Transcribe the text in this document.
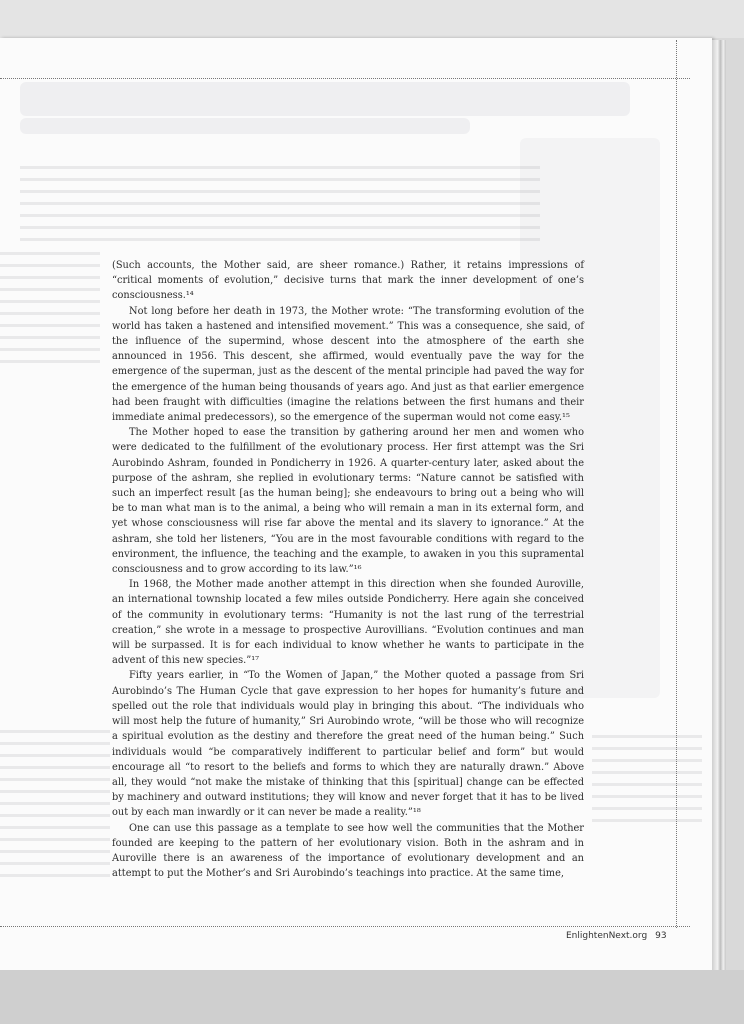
(Such accounts, the Mother said, are sheer romance.) Rather, it retains impressions of “critical moments of evolution,” decisive turns that mark the inner development of one’s consciousness.¹⁴

Not long before her death in 1973, the Mother wrote: “The transforming evolution of the world has taken a hastened and intensified movement.” This was a consequence, she said, of the influence of the supermind, whose descent into the atmosphere of the earth she announced in 1956. This descent, she affirmed, would eventually pave the way for the emergence of the superman, just as the descent of the mental principle had paved the way for the emergence of the human being thousands of years ago. And just as that earlier emergence had been fraught with difficulties (imagine the relations between the first humans and their immediate animal predecessors), so the emergence of the superman would not come easy.¹⁵

The Mother hoped to ease the transition by gathering around her men and women who were dedicated to the fulfillment of the evolutionary process. Her first attempt was the Sri Aurobindo Ashram, founded in Pondicherry in 1926. A quarter-century later, asked about the purpose of the ashram, she replied in evolutionary terms: “Nature cannot be satisfied with such an imperfect result [as the human being]; she endeavours to bring out a being who will be to man what man is to the animal, a being who will remain a man in its external form, and yet whose consciousness will rise far above the mental and its slavery to ignorance.” At the ashram, she told her listeners, “You are in the most favourable conditions with regard to the environment, the influence, the teaching and the example, to awaken in you this supramental consciousness and to grow according to its law.”¹⁶

In 1968, the Mother made another attempt in this direction when she founded Auroville, an international township located a few miles outside Pondicherry. Here again she conceived of the community in evolutionary terms: “Humanity is not the last rung of the terrestrial creation,” she wrote in a message to prospective Aurovillians. “Evolution continues and man will be surpassed. It is for each individual to know whether he wants to participate in the advent of this new species.”¹⁷

Fifty years earlier, in “To the Women of Japan,” the Mother quoted a passage from Sri Aurobindo’s The Human Cycle that gave expression to her hopes for humanity’s future and spelled out the role that individuals would play in bringing this about. “The individuals who will most help the future of humanity,” Sri Aurobindo wrote, “will be those who will recognize a spiritual evolution as the destiny and therefore the great need of the human being.” Such individuals would “be comparatively indifferent to particular belief and form” but would encourage all “to resort to the beliefs and forms to which they are naturally drawn.” Above all, they would “not make the mistake of thinking that this [spiritual] change can be effected by machinery and outward institutions; they will know and never forget that it has to be lived out by each man inwardly or it can never be made a reality.”¹⁸

One can use this passage as a template to see how well the communities that the Mother founded are keeping to the pattern of her evolutionary vision. Both in the ashram and in Auroville there is an awareness of the importance of evolutionary development and an attempt to put the Mother’s and Sri Aurobindo’s teachings into practice. At the same time,

EnlightenNext.org 93
